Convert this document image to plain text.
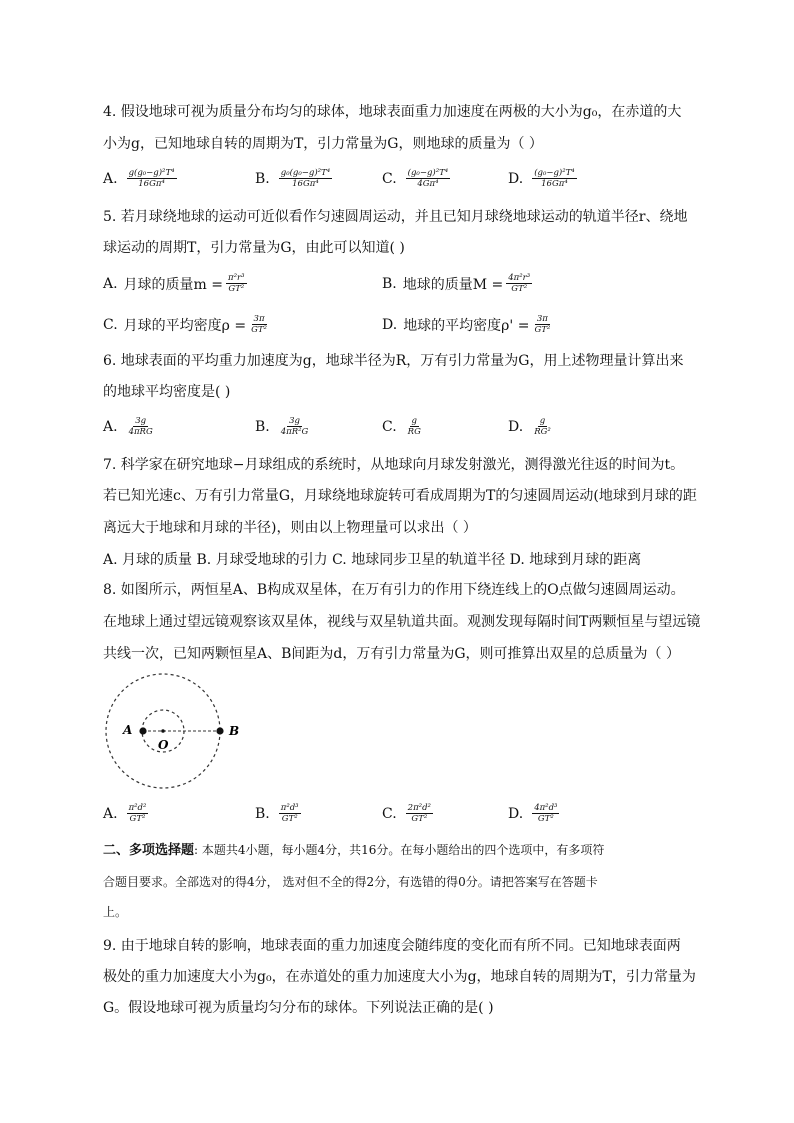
4. 假设地球可视为质量分布均匀的球体，地球表面重力加速度在两极的大小为g₀，在赤道的大
小为g，已知地球自转的周期为T，引力常量为G，则地球的质量为（ ）
A. $\frac{\text{g(g₀−g)²T⁴}}{\text{16Gπ⁴}}$	B. $\frac{\text{g₀(g₀−g)²T⁴}}{\text{16Gπ⁴}}$	C. $\frac{\text{(g₀−g)²T⁴}}{\text{4Gπ⁴}}$	D. $\frac{\text{(g₀−g)²T⁴}}{\text{16Gπ⁴}}$
5. 若月球绕地球的运动可近似看作匀速圆周运动，并且已知月球绕地球运动的轨道半径r、绕地
球运动的周期T，引力常量为G，由此可以知道( )
A. 月球的质量$m = \frac{\text{π²r³}}{\text{GT²}}$	B. 地球的质量$M = \frac{\text{4π²r³}}{\text{GT²}}$
C. 月球的平均密度$\rho = \frac{3\pi}{\text{GT²}}$	D. 地球的平均密度$\rho' = \frac{3\pi}{\text{GT²}}$
6. 地球表面的平均重力加速度为g，地球半径为R，万有引力常量为G，用上述物理量计算出来
的地球平均密度是( )
A. $\frac{3g}{\text{4πRG}}$	B. $\frac{3g}{\text{4πR²G}}$	C. $\frac{g}{RG}$	D. $\frac{g}{\text{RG²}}$
7. 科学家在研究地球−月球组成的系统时，从地球向月球发射激光，测得激光往返的时间为t。
若已知光速c、万有引力常量G，月球绕地球旋转可看成周期为T的匀速圆周运动(地球到月球的距
离远大于地球和月球的半径)，则由以上物理量可以求出（ ）
A. 月球的质量 B. 月球受地球的引力 C. 地球同步卫星的轨道半径 D. 地球到月球的距离
8. 如图所示，两恒星A、B构成双星体，在万有引力的作用下绕连线上的O点做匀速圆周运动。
在地球上通过望远镜观察该双星体，视线与双星轨道共面。观测发现每隔时间T两颗恒星与望远镜
共线一次，已知两颗恒星A、B间距为d，万有引力常量为G，则可推算出双星的总质量为（ ）
A	B
O
A. $\frac{\text{π²d²}}{\text{GT²}}$	B. $\frac{\text{π²d³}}{\text{GT²}}$	C. $\frac{\text{2π²d²}}{\text{GT²}}$	D. $\frac{\text{4π²d³}}{\text{GT²}}$
二、多项选择题: 本题共4小题，每小题4分，共16分。在每小题给出的四个选项中，有多项符
合题目要求。全部选对的得4分， 选对但不全的得2分，有选错的得0分。请把答案写在答题卡
上。
9. 由于地球自转的影响，地球表面的重力加速度会随纬度的变化而有所不同。已知地球表面两
极处的重力加速度大小为g₀，在赤道处的重力加速度大小为g，地球自转的周期为T，引力常量为
G。假设地球可视为质量均匀分布的球体。下列说法正确的是( )
